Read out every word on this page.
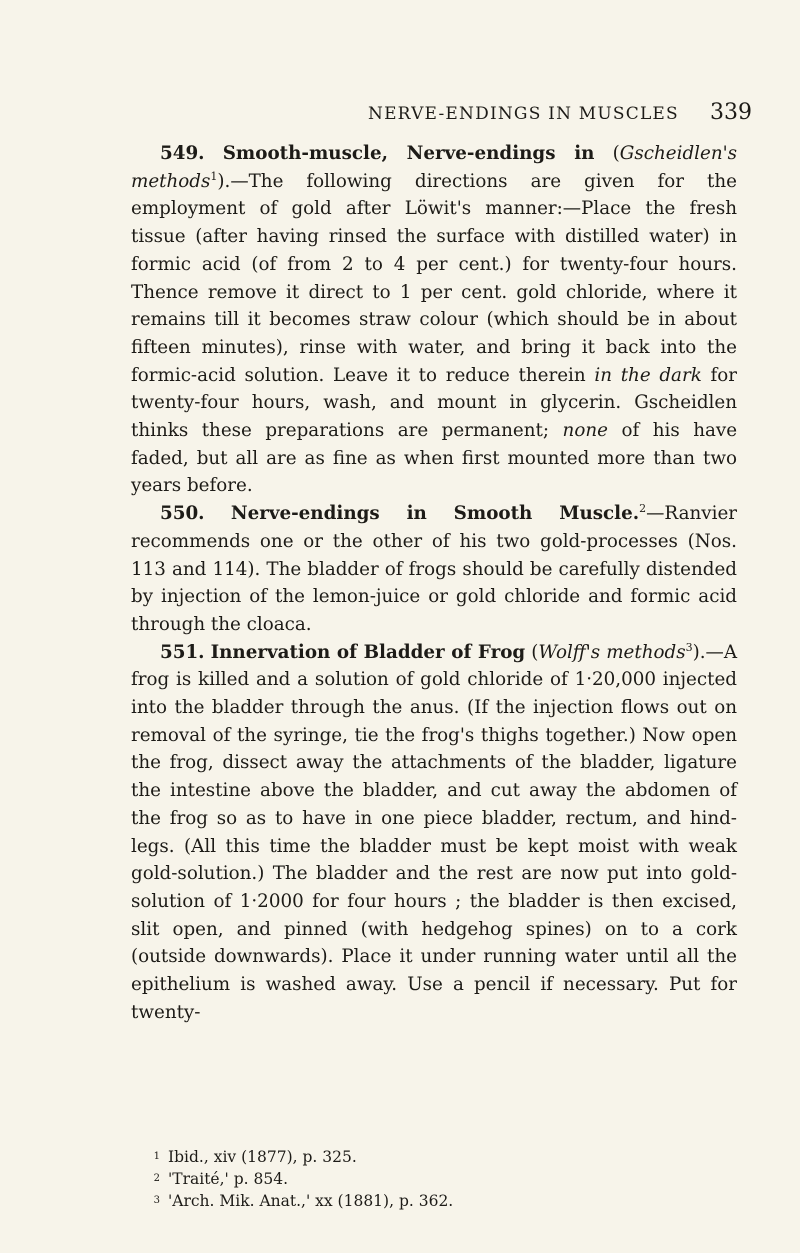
NERVE-ENDINGS IN MUSCLES 339

549. Smooth-muscle, Nerve-endings in (Gscheidlen's methods$^1$).—The following directions are given for the employment of gold after Löwit's manner:—Place the fresh tissue (after having rinsed the surface with distilled water) in formic acid (of from 2 to 4 per cent.) for twenty-four hours. Thence remove it direct to 1 per cent. gold chloride, where it remains till it becomes straw colour (which should be in about fifteen minutes), rinse with water, and bring it back into the formic-acid solution. Leave it to reduce therein in the dark for twenty-four hours, wash, and mount in glycerin. Gscheidlen thinks these preparations are permanent; none of his have faded, but all are as fine as when first mounted more than two years before.

550. Nerve-endings in Smooth Muscle.$^2$—Ranvier recommends one or the other of his two gold-processes (Nos. 113 and 114). The bladder of frogs should be carefully distended by injection of the lemon-juice or gold chloride and formic acid through the cloaca.

551. Innervation of Bladder of Frog (Wolff's methods$^3$).—A frog is killed and a solution of gold chloride of 1·20,000 injected into the bladder through the anus. (If the injection flows out on removal of the syringe, tie the frog's thighs together.) Now open the frog, dissect away the attachments of the bladder, ligature the intestine above the bladder, and cut away the abdomen of the frog so as to have in one piece bladder, rectum, and hind-legs. (All this time the bladder must be kept moist with weak gold-solution.) The bladder and the rest are now put into gold-solution of 1·2000 for four hours ; the bladder is then excised, slit open, and pinned (with hedgehog spines) on to a cork (outside downwards). Place it under running water until all the epithelium is washed away. Use a pencil if necessary. Put for twenty-

1 Ibid., xiv (1877), p. 325.
2 'Traité,' p. 854.
3 'Arch. Mik. Anat.,' xx (1881), p. 362.
